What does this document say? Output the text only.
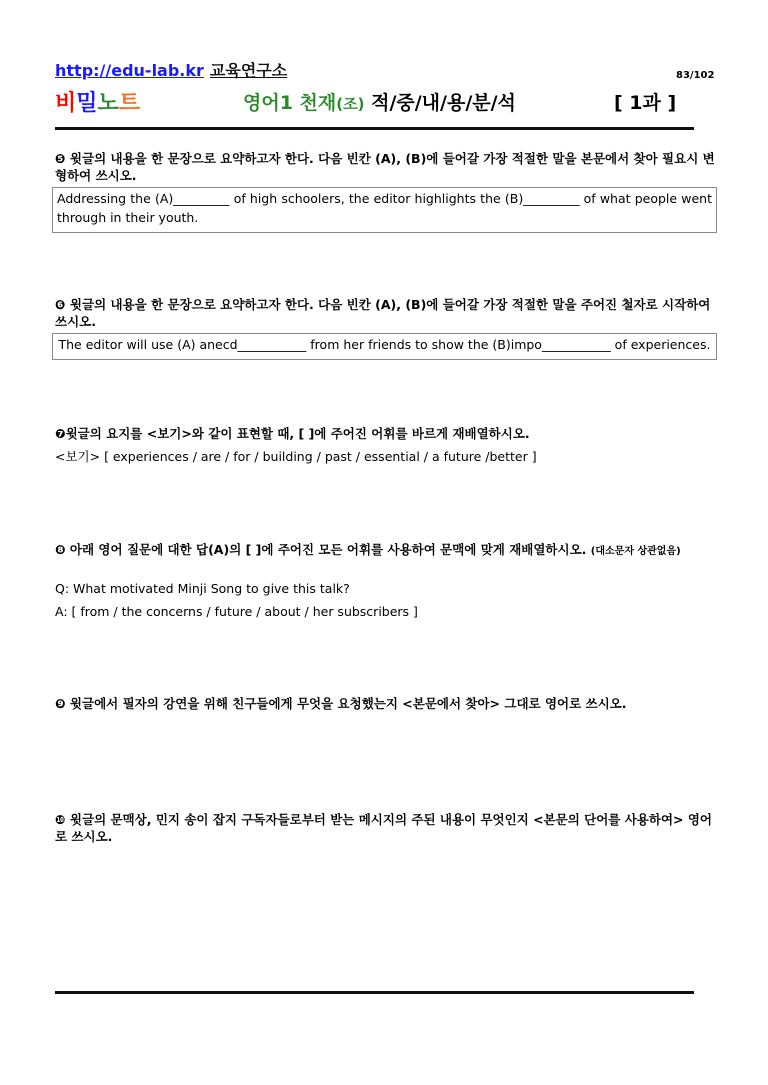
http://edu-lab.kr 교육연구소	83/102
비밀노트	영어1 천재(조) 적/중/내/용/분/석	[ 1과 ]
❺ 윗글의 내용을 한 문장으로 요약하고자 한다. 다음 빈칸 (A), (B)에 들어갈 가장 적절한 말을 본문에서 찾아 필요시 변형하여 쓰시오.
Addressing the (A)_________ of high schoolers, the editor highlights the (B)_________ of what people went through in their youth.
❻ 윗글의 내용을 한 문장으로 요약하고자 한다. 다음 빈칸 (A), (B)에 들어갈 가장 적절한 말을 주어진 철자로 시작하여 쓰시오.
The editor will use (A) anecd___________ from her friends to show the (B)impo___________ of experiences.
❼윗글의 요지를 <보기>와 같이 표현할 때, [ ]에 주어진 어휘를 바르게 재배열하시오.
<보기> [ experiences / are / for / building / past / essential / a future /better ]
❽ 아래 영어 질문에 대한 답(A)의 [ ]에 주어진 모든 어휘를 사용하여 문맥에 맞게 재배열하시오. (대소문자 상관없음)
Q: What motivated Minji Song to give this talk?
A: [ from / the concerns / future / about / her subscribers ]
❾ 윗글에서 필자의 강연을 위해 친구들에게 무엇을 요청했는지 <본문에서 찾아> 그대로 영어로 쓰시오.
❿ 윗글의 문맥상, 민지 송이 잡지 구독자들로부터 받는 메시지의 주된 내용이 무엇인지 <본문의 단어를 사용하여> 영어로 쓰시오.
